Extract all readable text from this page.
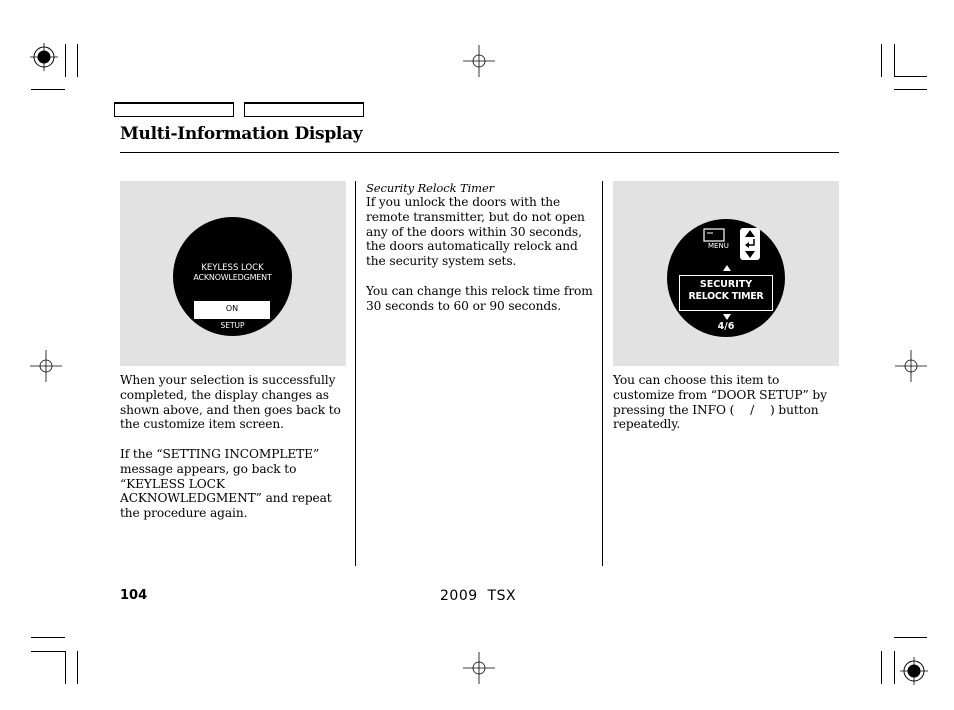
Multi-Information Display
KEYLESS LOCK
ACKNOWLEDGMENT
ON
SETUP

When your selection is successfully completed, the display changes as shown above, and then goes back to the customize item screen.

If the “SETTING INCOMPLETE” message appears, go back to “KEYLESS LOCK ACKNOWLEDGMENT” and repeat the procedure again.

Security Relock Timer

If you unlock the doors with the remote transmitter, but do not open any of the doors within 30 seconds, the doors automatically relock and the security system sets.

You can change this relock time from 30 seconds to 60 or 90 seconds.

MENU
SECURITY
RELOCK TIMER
4/6

You can choose this item to customize from “DOOR SETUP” by pressing the INFO (  /  ) button repeatedly.

104	2009  TSX
